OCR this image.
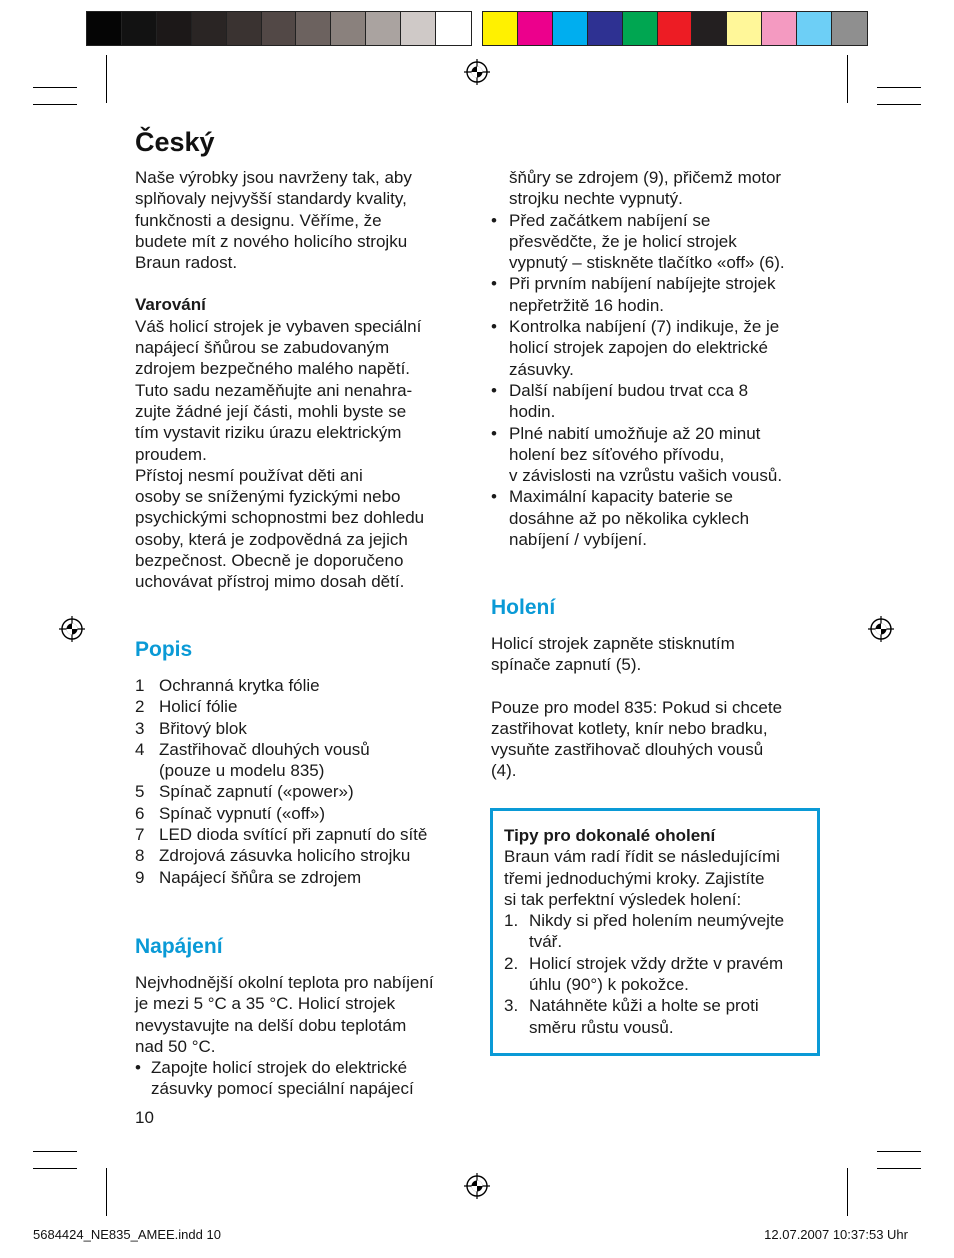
Český

Naše výrobky jsou navrženy tak, aby
splňovaly nejvyšší standardy kvality,
funkčnosti a designu. Věříme, že
budete mít z nového holicího strojku
Braun radost.

Varování

Váš holicí strojek je vybaven speciální
napájecí šňůrou se zabudovaným
zdrojem bezpečného malého napětí.
Tuto sadu nezaměňujte ani nenahra-
zujte žádné její části, mohli byste se
tím vystavit riziku úrazu elektrickým
proudem.
Přístoj nesmí používat děti ani
osoby se sníženými fyzickými nebo
psychickými schopnostmi bez dohledu
osoby, která je zodpovědná za jejich
bezpečnost. Obecně je doporučeno
uchovávat přístroj mimo dosah dětí.

Popis
1 Ochranná krytka fólie
2 Holicí fólie
3 Břitový blok
4 Zastřihovač dlouhých vousů
(pouze u modelu 835)
5 Spínač zapnutí («power»)
6 Spínač vypnutí («off»)
7 LED dioda svítící při zapnutí do sítě
8 Zdrojová zásuvka holicího strojku
9 Napájecí šňůra se zdrojem
Napájení

Nejvhodnější okolní teplota pro nabíjení
je mezi 5 °C a 35 °C. Holicí strojek
nevystavujte na delší dobu teplotám
nad 50 °C.

• Zapojte holicí strojek do elektrické
zásuvky pomocí speciální napájecí
10

šňůry se zdrojem (9), přičemž motor
strojku nechte vypnutý.

• Před začátkem nabíjení se
přesvědčte, že je holicí strojek
vypnutý – stiskněte tlačítko «off» (6).
• Při prvním nabíjení nabíjejte strojek
nepřetržitě 16 hodin.
• Kontrolka nabíjení (7) indikuje, že je
holicí strojek zapojen do elektrické
zásuvky.
• Další nabíjení budou trvat cca 8
hodin.
• Plné nabití umožňuje až 20 minut
holení bez síťového přívodu,
v závislosti na vzrůstu vašich vousů.
• Maximální kapacity baterie se
dosáhne až po několika cyklech
nabíjení / vybíjení.
Holení

Holicí strojek zapněte stisknutím
spínače zapnutí (5).

Pouze pro model 835: Pokud si chcete
zastřihovat kotlety, knír nebo bradku,
vysuňte zastřihovač dlouhých vousů
(4).

Tipy pro dokonalé oholení
Braun vám radí řídit se následujícími
třemi jednoduchými kroky. Zajistíte
si tak perfektní výsledek holení:
1. Nikdy si před holením neumývejte
tvář.
2. Holicí strojek vždy držte v pravém
úhlu (90°) k pokožce.
3. Natáhněte kůži a holte se proti
směru růstu vousů.
5684424_NE835_AMEE.indd 10	12.07.2007 10:37:53 Uhr
